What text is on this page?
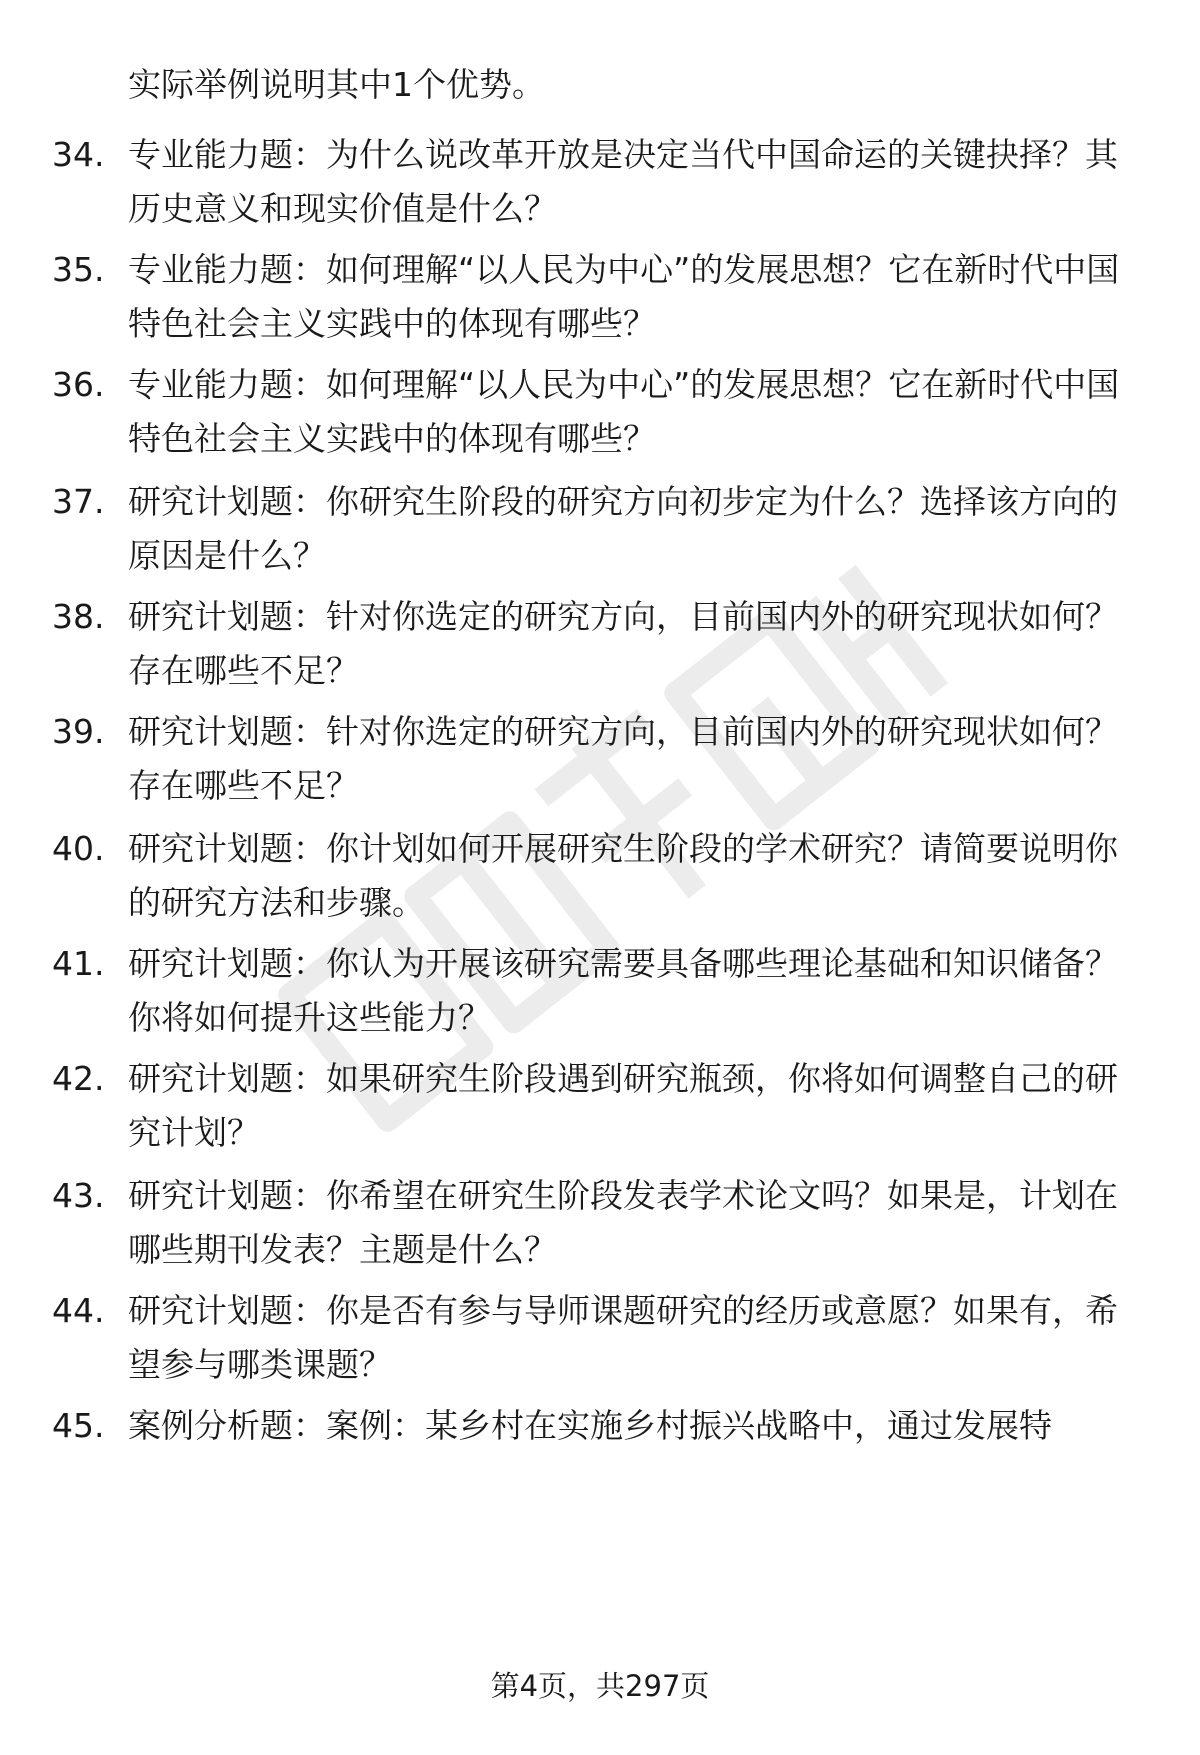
实际举例说明其中1个优势。
34. 专业能力题：为什么说改革开放是决定当代中国命运的关键抉择？其历史意义和现实价值是什么？
35. 专业能力题：如何理解“以人民为中心”的发展思想？它在新时代中国特色社会主义实践中的体现有哪些？
36. 专业能力题：如何理解“以人民为中心”的发展思想？它在新时代中国特色社会主义实践中的体现有哪些？
37. 研究计划题：你研究生阶段的研究方向初步定为什么？选择该方向的原因是什么？
38. 研究计划题：针对你选定的研究方向，目前国内外的研究现状如何？存在哪些不足？
39. 研究计划题：针对你选定的研究方向，目前国内外的研究现状如何？存在哪些不足？
40. 研究计划题：你计划如何开展研究生阶段的学术研究？请简要说明你的研究方法和步骤。
41. 研究计划题：你认为开展该研究需要具备哪些理论基础和知识储备？你将如何提升这些能力？
42. 研究计划题：如果研究生阶段遇到研究瓶颈，你将如何调整自己的研究计划？
43. 研究计划题：你希望在研究生阶段发表学术论文吗？如果是，计划在哪些期刊发表？主题是什么？
44. 研究计划题：你是否有参与导师课题研究的经历或意愿？如果有，希望参与哪类课题？
45. 案例分析题：案例：某乡村在实施乡村振兴战略中，通过发展特
第4页，共297页
